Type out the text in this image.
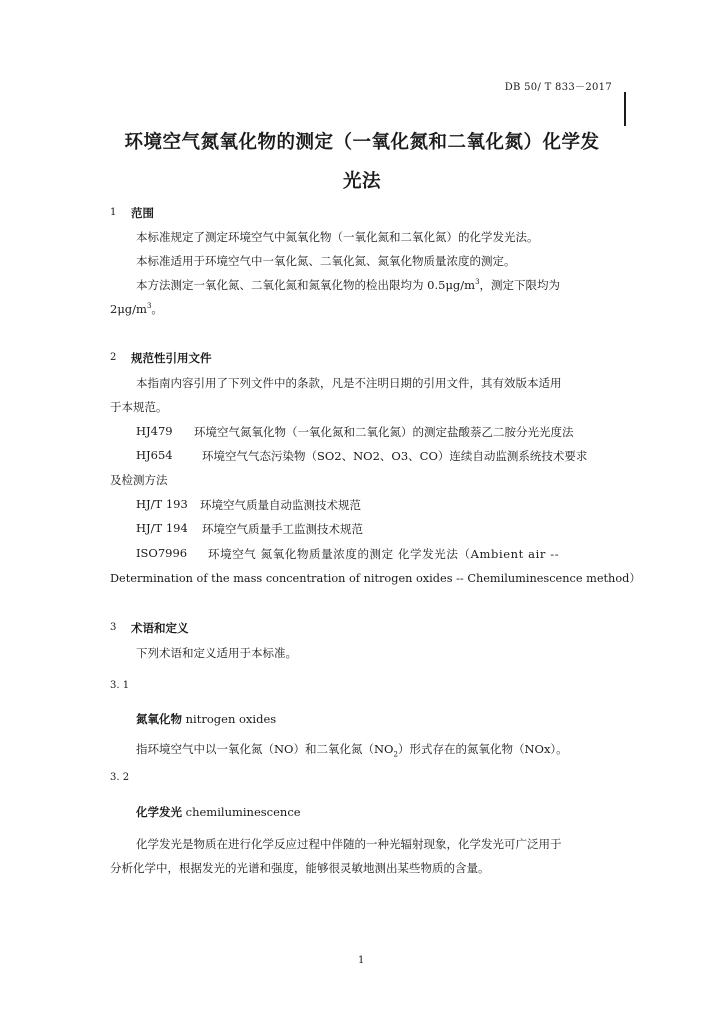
DB 50/ T 833－2017
环境空气氮氧化物的测定（一氧化氮和二氧化氮）化学发
光法
1 范围
本标准规定了测定环境空气中氮氧化物（一氧化氮和二氧化氮）的化学发光法。
本标准适用于环境空气中一氧化氮、二氧化氮、氮氧化物质量浓度的测定。
本方法测定一氧化氮、二氧化氮和氮氧化物的检出限均为 $0.5\mu g/m^3$，测定下限均为
$2\mu g/m^3$。
2 规范性引用文件
本指南内容引用了下列文件中的条款，凡是不注明日期的引用文件，其有效版本适用
于本规范。
HJ479 环境空气氮氧化物（一氧化氮和二氧化氮）的测定盐酸萘乙二胺分光光度法
HJ654	环境空气气态污染物（SO2、NO2、O3、CO）连续自动监测系统技术要求
及检测方法
HJ/T 193 环境空气质量自动监测技术规范
HJ/T 194 环境空气质量手工监测技术规范
ISO7996 环境空气 氮氧化物质量浓度的测定 化学发光法（Ambient air --
Determination of the mass concentration of nitrogen oxides -- Chemiluminescence method）
3 术语和定义
下列术语和定义适用于本标准。
3. 1
氮氧化物 nitrogen oxides
指环境空气中以一氧化氮（NO）和二氧化氮$(NO_2)$形式存在的氮氧化物（NOx）。
3. 2
化学发光 chemiluminescence
化学发光是物质在进行化学反应过程中伴随的一种光辐射现象，化学发光可广泛用于
分析化学中，根据发光的光谱和强度，能够很灵敏地测出某些物质的含量。
1
